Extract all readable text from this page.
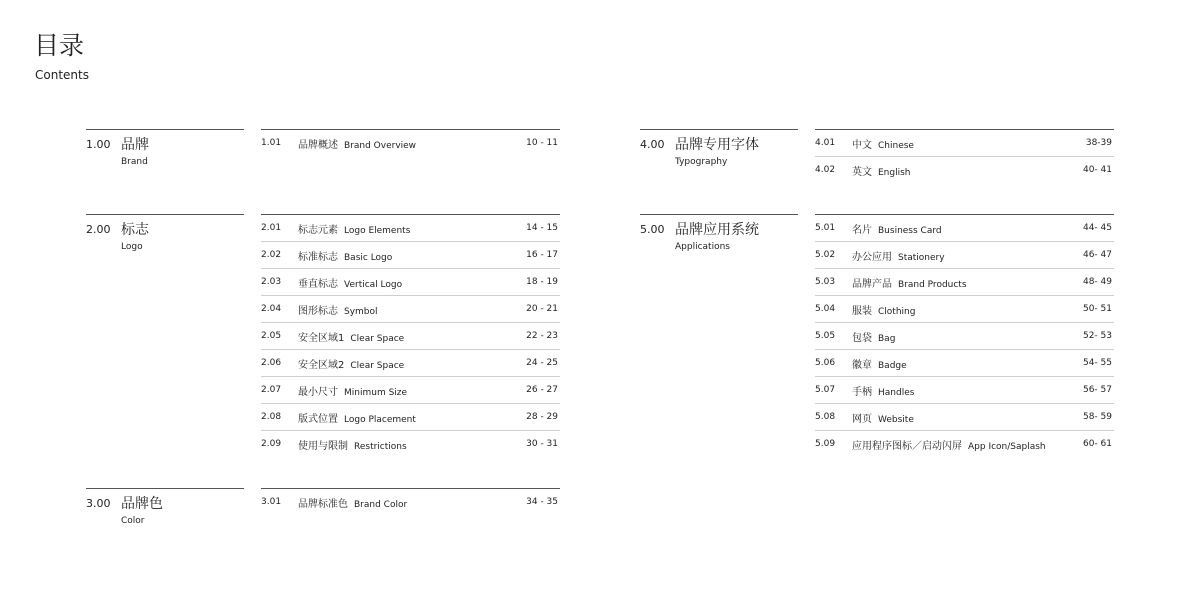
目录
Contents
1.00 品牌
Brand
1.01 品牌概述 Brand Overview	10 - 11
2.00 标志
Logo
2.01 标志元素 Logo Elements	14 - 15
2.02 标准标志 Basic Logo	16 - 17
2.03 垂直标志 Vertical Logo	18 - 19
2.04 图形标志 Symbol	20 - 21
2.05 安全区域1 Clear Space	22 - 23
2.06 安全区域2 Clear Space	24 - 25
2.07 最小尺寸 Minimum Size	26 - 27
2.08 版式位置 Logo Placement	28 - 29
2.09 使用与限制 Restrictions	30 - 31
3.00 品牌色
Color
3.01 品牌标准色 Brand Color	34 - 35
4.00 品牌专用字体
Typography
4.01 中文 Chinese	38-39
4.02 英文 English	40- 41
5.00 品牌应用系统
Applications
5.01 名片 Business Card	44- 45
5.02 办公应用 Stationery	46- 47
5.03 品牌产品 Brand Products	48- 49
5.04 服装 Clothing	50- 51
5.05 包袋 Bag	52- 53
5.06 徽章 Badge	54- 55
5.07 手柄 Handles	56- 57
5.08 网页 Website	58- 59
5.09 应用程序图标／启动闪屏 App Icon/Saplash	60- 61
